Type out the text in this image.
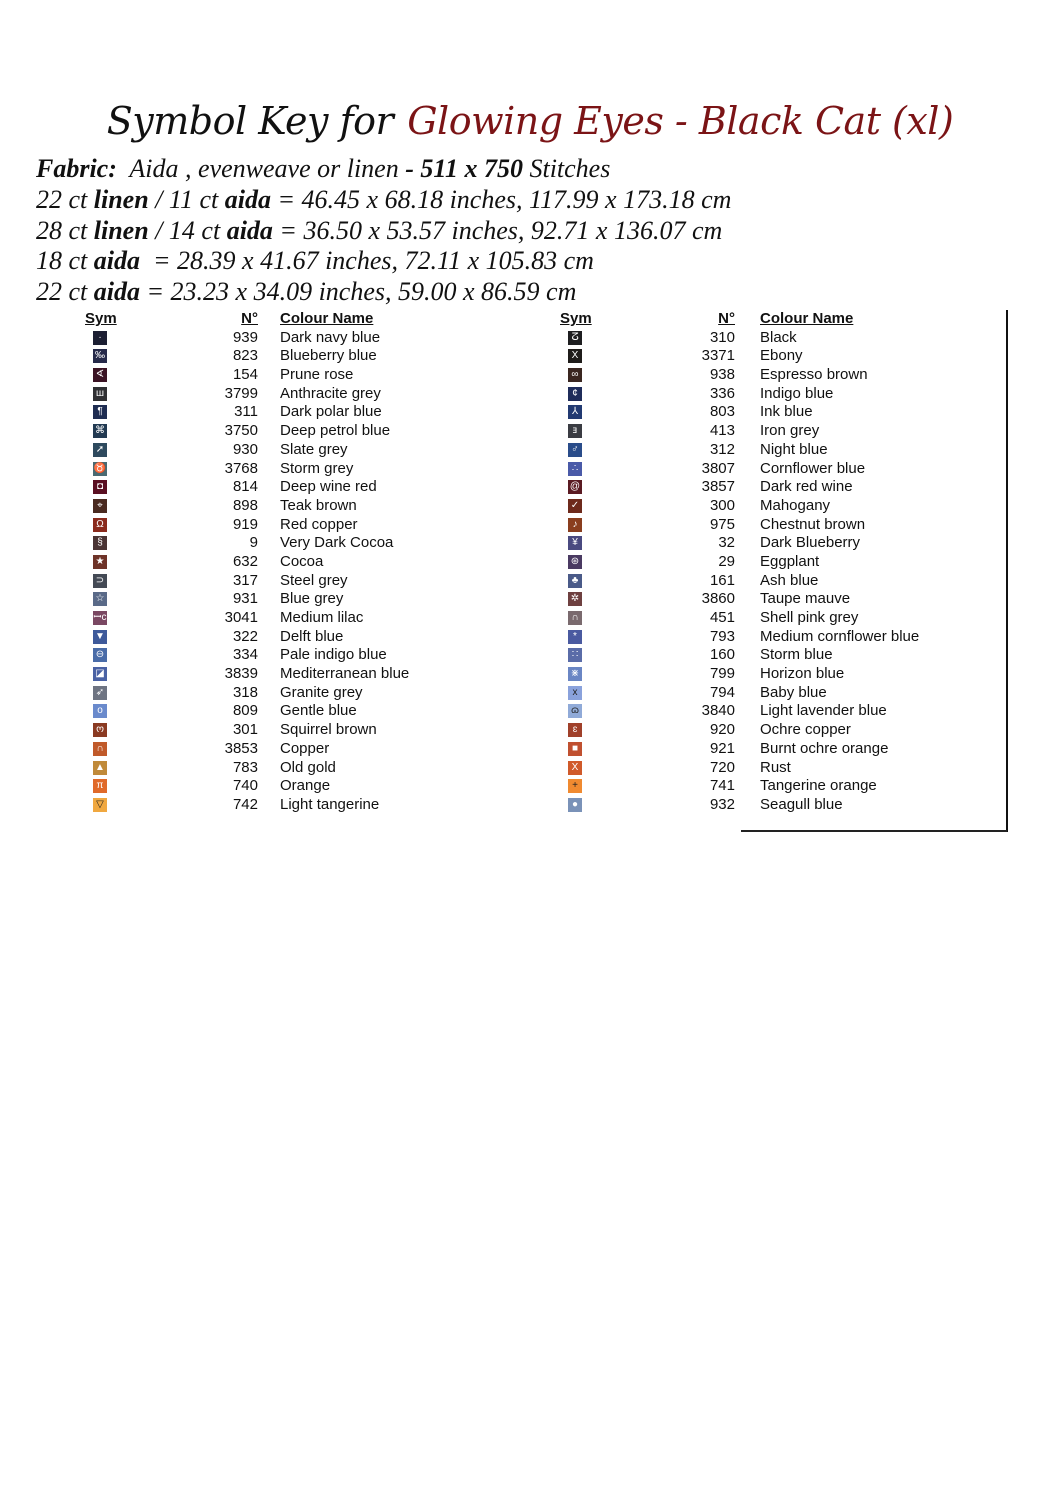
Symbol Key for Glowing Eyes - Black Cat (xl)
Fabric: Aida , evenweave or linen - 511 x 750 Stitches
22 ct linen / 11 ct aida = 46.45 x 68.18 inches, 117.99 x 173.18 cm
28 ct linen / 14 ct aida = 36.50 x 53.57 inches, 92.71 x 136.07 cm
18 ct aida  = 28.39 x 41.67 inches, 72.11 x 105.83 cm
22 ct aida = 23.23 x 34.09 inches, 59.00 x 86.59 cm
Sym	N° Colour Name
·	939 Dark navy blue
‰	823 Blueberry blue
∢	154 Prune rose
ш	3799 Anthracite grey
¶	311 Dark polar blue
⌘	3750 Deep petrol blue
➚	930 Slate grey
♉	3768 Storm grey
◘	814 Deep wine red
⌖	898 Teak brown
Ω	919 Red copper
§	9 Very Dark Cocoa
★	632 Cocoa
⊃	317 Steel grey
☆	931 Blue grey
ꟷc	3041 Medium lilac
▼	322 Delft blue
⊖	334 Pale indigo blue
◪	3839 Mediterranean blue
➶	318 Granite grey
o	809 Gentle blue
ო	301 Squirrel brown
∩	3853 Copper
▲	783 Old gold
π	740 Orange
▽	742 Light tangerine
Sym	N° Colour Name
ⵒ	310 Black
X	3371 Ebony
∞	938 Espresso brown
¢	336 Indigo blue
⅄	803 Ink blue
ⱻ	413 Iron grey
♂	312 Night blue
∴	3807 Cornflower blue
@	3857 Dark red wine
✓	300 Mahogany
♪	975 Chestnut brown
¥	32 Dark Blueberry
⊛	29 Eggplant
♣	161 Ash blue
✲	3860 Taupe mauve
∩	451 Shell pink grey
*	793 Medium cornflower blue
∷	160 Storm blue
⋇	799 Horizon blue
x	794 Baby blue
ɷ	3840 Light lavender blue
ɛ	920 Ochre copper
■	921 Burnt ochre orange
X	720 Rust
+	741 Tangerine orange
●	932 Seagull blue
